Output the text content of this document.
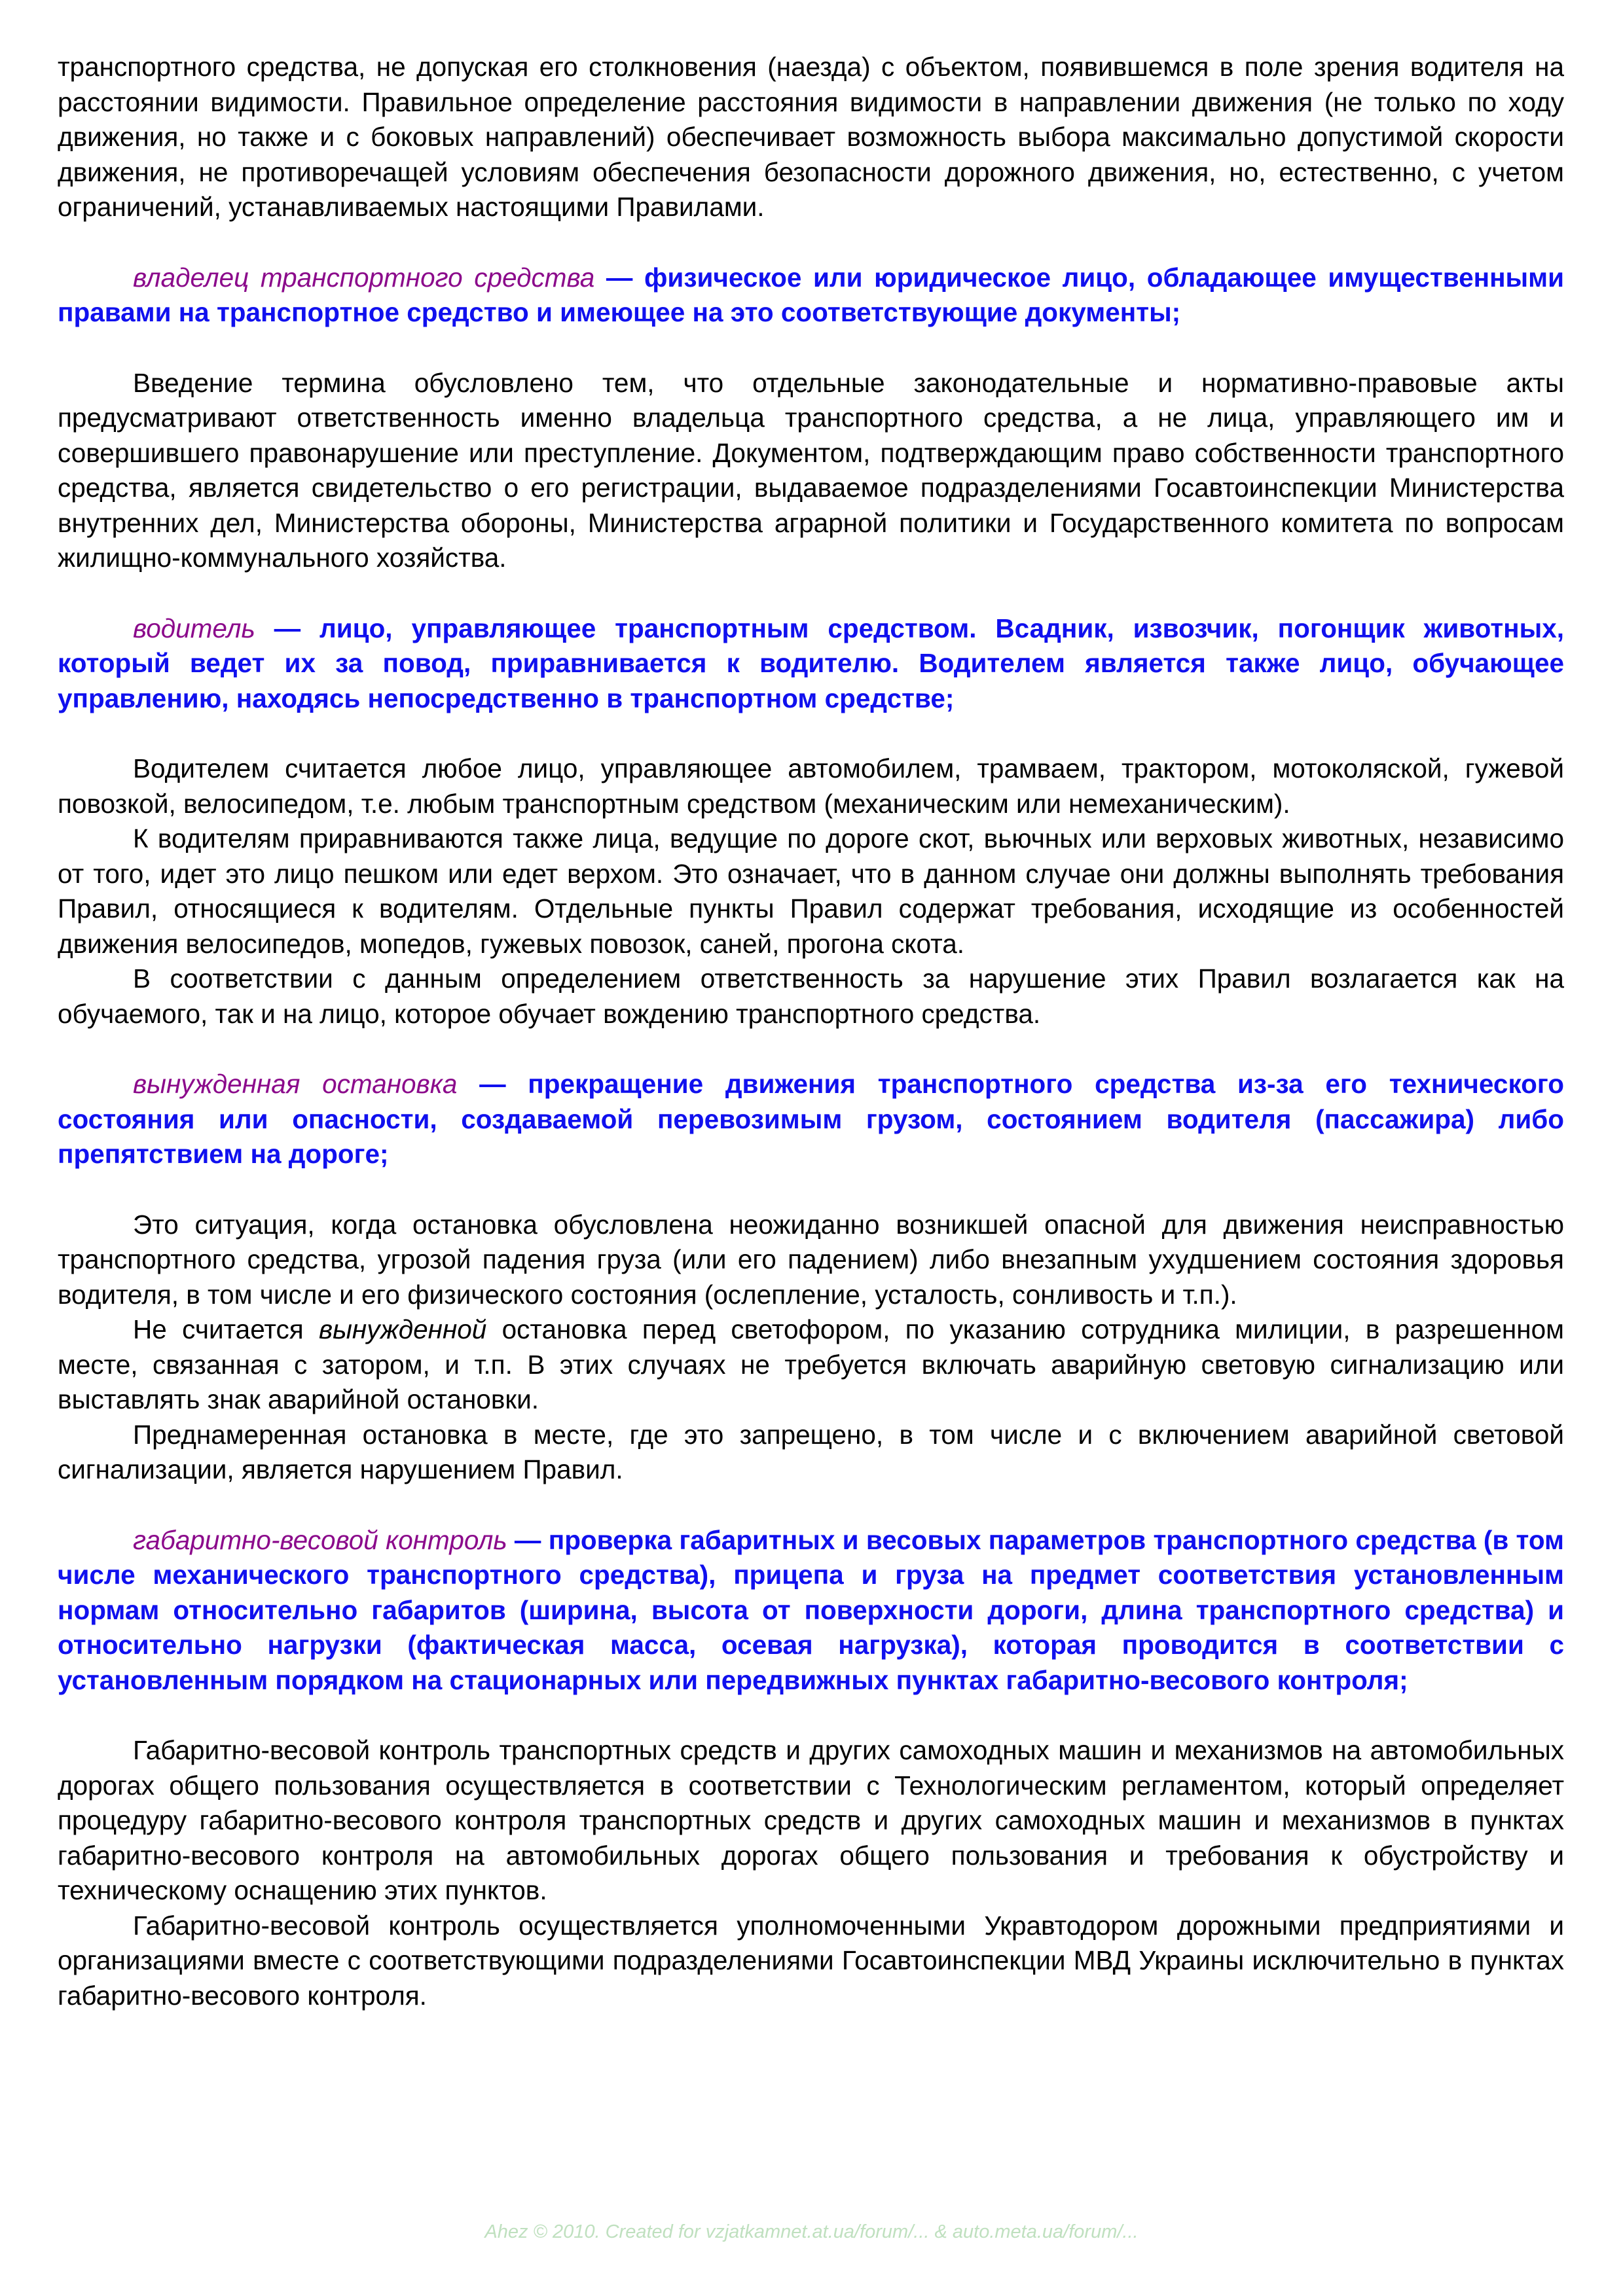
транспортного средства, не допуская его столкновения (наезда) с объектом, появившемся в поле зрения водителя на расстоянии видимости. Правильное определение расстояния видимости в направлении движения (не только по ходу движения, но также и с боковых направлений) обеспечивает возможность выбора максимально допустимой скорости движения, не противоречащей условиям обеспечения безопасности дорожного движения, но, естественно, с учетом ограничений, устанавливаемых настоящими Правилами.

владелец транспортного средства — физическое или юридическое лицо, обладающее имущественными правами на транспортное средство и имеющее на это соответствующие документы;

Введение термина обусловлено тем, что отдельные законодательные и нормативно-правовые акты предусматривают ответственность именно владельца транспортного средства, а не лица, управляющего им и совершившего правонарушение или преступление. Документом, подтверждающим право собственности транспортного средства, является свидетельство о его регистрации, выдаваемое подразделениями Госавтоинспекции Министерства внутренних дел, Министерства обороны, Министерства аграрной политики и Государственного комитета по вопросам жилищно-коммунального хозяйства.

водитель — лицо, управляющее транспортным средством. Всадник, извозчик, погонщик животных, который ведет их за повод, приравнивается к водителю. Водителем является также лицо, обучающее управлению, находясь непосредственно в транспортном средстве;

Водителем считается любое лицо, управляющее автомобилем, трамваем, трактором, мотоколяской, гужевой повозкой, велосипедом, т.е. любым транспортным средством (механическим или немеханическим).

К водителям приравниваются также лица, ведущие по дороге скот, вьючных или верховых животных, независимо от того, идет это лицо пешком или едет верхом. Это означает, что в данном случае они должны выполнять требования Правил, относящиеся к водителям. Отдельные пункты Правил содержат требования, исходящие из особенностей движения велосипедов, мопедов, гужевых повозок, саней, прогона скота.

В соответствии с данным определением ответственность за нарушение этих Правил возлагается как на обучаемого, так и на лицо, которое обучает вождению транспортного средства.

вынужденная остановка — прекращение движения транспортного средства из-за его технического состояния или опасности, создаваемой перевозимым грузом, состоянием водителя (пассажира) либо препятствием на дороге;

Это ситуация, когда остановка обусловлена неожиданно возникшей опасной для движения неисправностью транспортного средства, угрозой падения груза (или его падением) либо внезапным ухудшением состояния здоровья водителя, в том числе и его физического состояния (ослепление, усталость, сонливость и т.п.).

Не считается вынужденной остановка перед светофором, по указанию сотрудника милиции, в разрешенном месте, связанная с затором, и т.п. В этих случаях не требуется включать аварийную световую сигнализацию или выставлять знак аварийной остановки.

Преднамеренная остановка в месте, где это запрещено, в том числе и с включением аварийной световой сигнализации, является нарушением Правил.

габаритно-весовой контроль — проверка габаритных и весовых параметров транспортного средства (в том числе механического транспортного средства), прицепа и груза на предмет соответствия установленным нормам относительно габаритов (ширина, высота от поверхности дороги, длина транспортного средства) и относительно нагрузки (фактическая масса, осевая нагрузка), которая проводится в соответствии с установленным порядком на стационарных или передвижных пунктах габаритно-весового контроля;

Габаритно-весовой контроль транспортных средств и других самоходных машин и механизмов на автомобильных дорогах общего пользования осуществляется в соответствии с Технологическим регламентом, который определяет процедуру габаритно-весового контроля транспортных средств и других самоходных машин и механизмов в пунктах габаритно-весового контроля на автомобильных дорогах общего пользования и требования к обустройству и техническому оснащению этих пунктов.

Габаритно-весовой контроль осуществляется уполномоченными Укравтодором дорожными предприятиями и организациями вместе с соответствующими подразделениями Госавтоинспекции МВД Украины исключительно в пунктах габаритно-весового контроля.

Ahez © 2010. Created for vzjatkamnet.at.ua/forum/... & auto.meta.ua/forum/...
